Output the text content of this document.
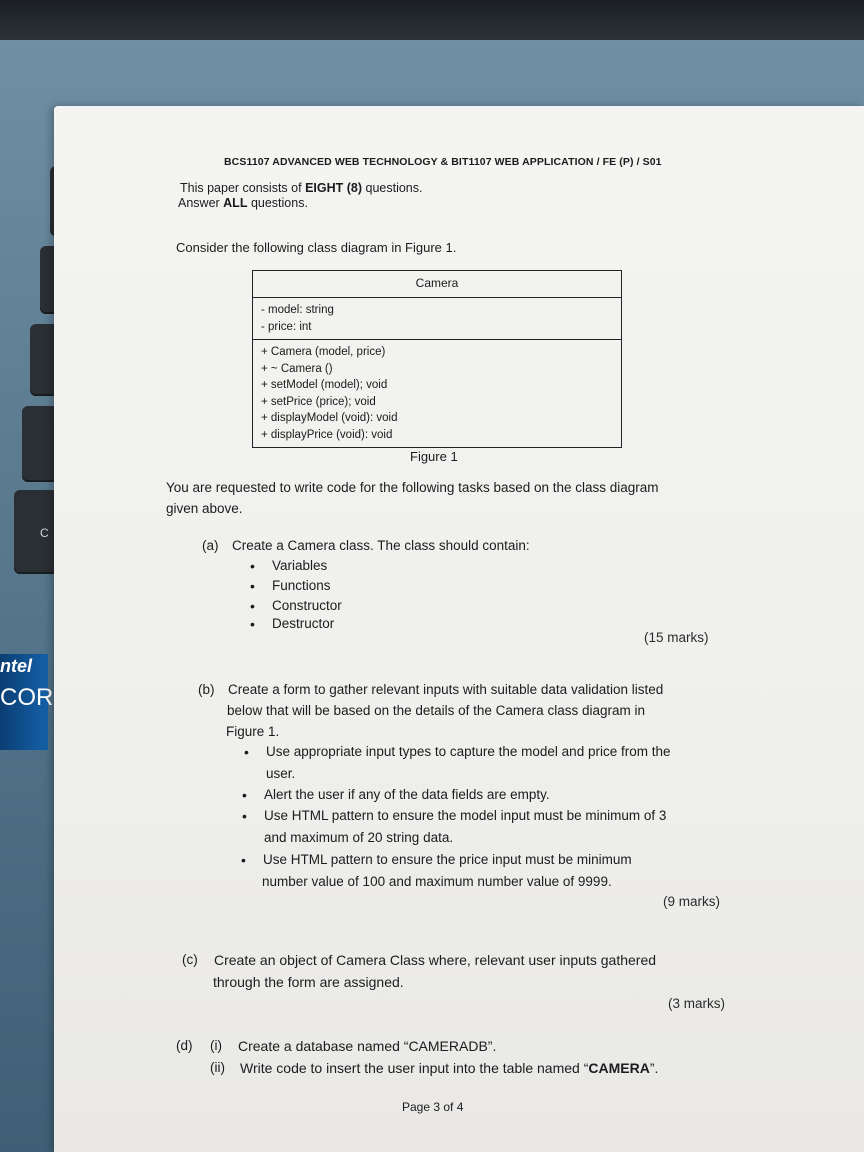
C
ntel
COR
BCS1107 ADVANCED WEB TECHNOLOGY & BIT1107 WEB APPLICATION / FE (P) / S01
This paper consists of EIGHT (8) questions.
Answer ALL questions.
Consider the following class diagram in Figure 1.
Camera
- model: string
- price: int
+ Camera (model, price)
+ ~ Camera ()
+ setModel (model); void
+ setPrice (price); void
+ displayModel (void): void
+ displayPrice (void): void
Figure 1
You are requested to write code for the following tasks based on the class diagram
given above.
(a) Create a Camera class. The class should contain:
• Variables
• Functions
• Constructor
• Destructor
(15 marks)
(b) Create a form to gather relevant inputs with suitable data validation listed
below that will be based on the details of the Camera class diagram in
Figure 1.
• Use appropriate input types to capture the model and price from the
user.
• Alert the user if any of the data fields are empty.
• Use HTML pattern to ensure the model input must be minimum of 3
and maximum of 20 string data.
• Use HTML pattern to ensure the price input must be minimum
number value of 100 and maximum number value of 9999.
(9 marks)
(c) Create an object of Camera Class where, relevant user inputs gathered
through the form are assigned.
(3 marks)
(d) (i) Create a database named “CAMERADB”.
(ii) Write code to insert the user input into the table named “CAMERA”.
Page 3 of 4
